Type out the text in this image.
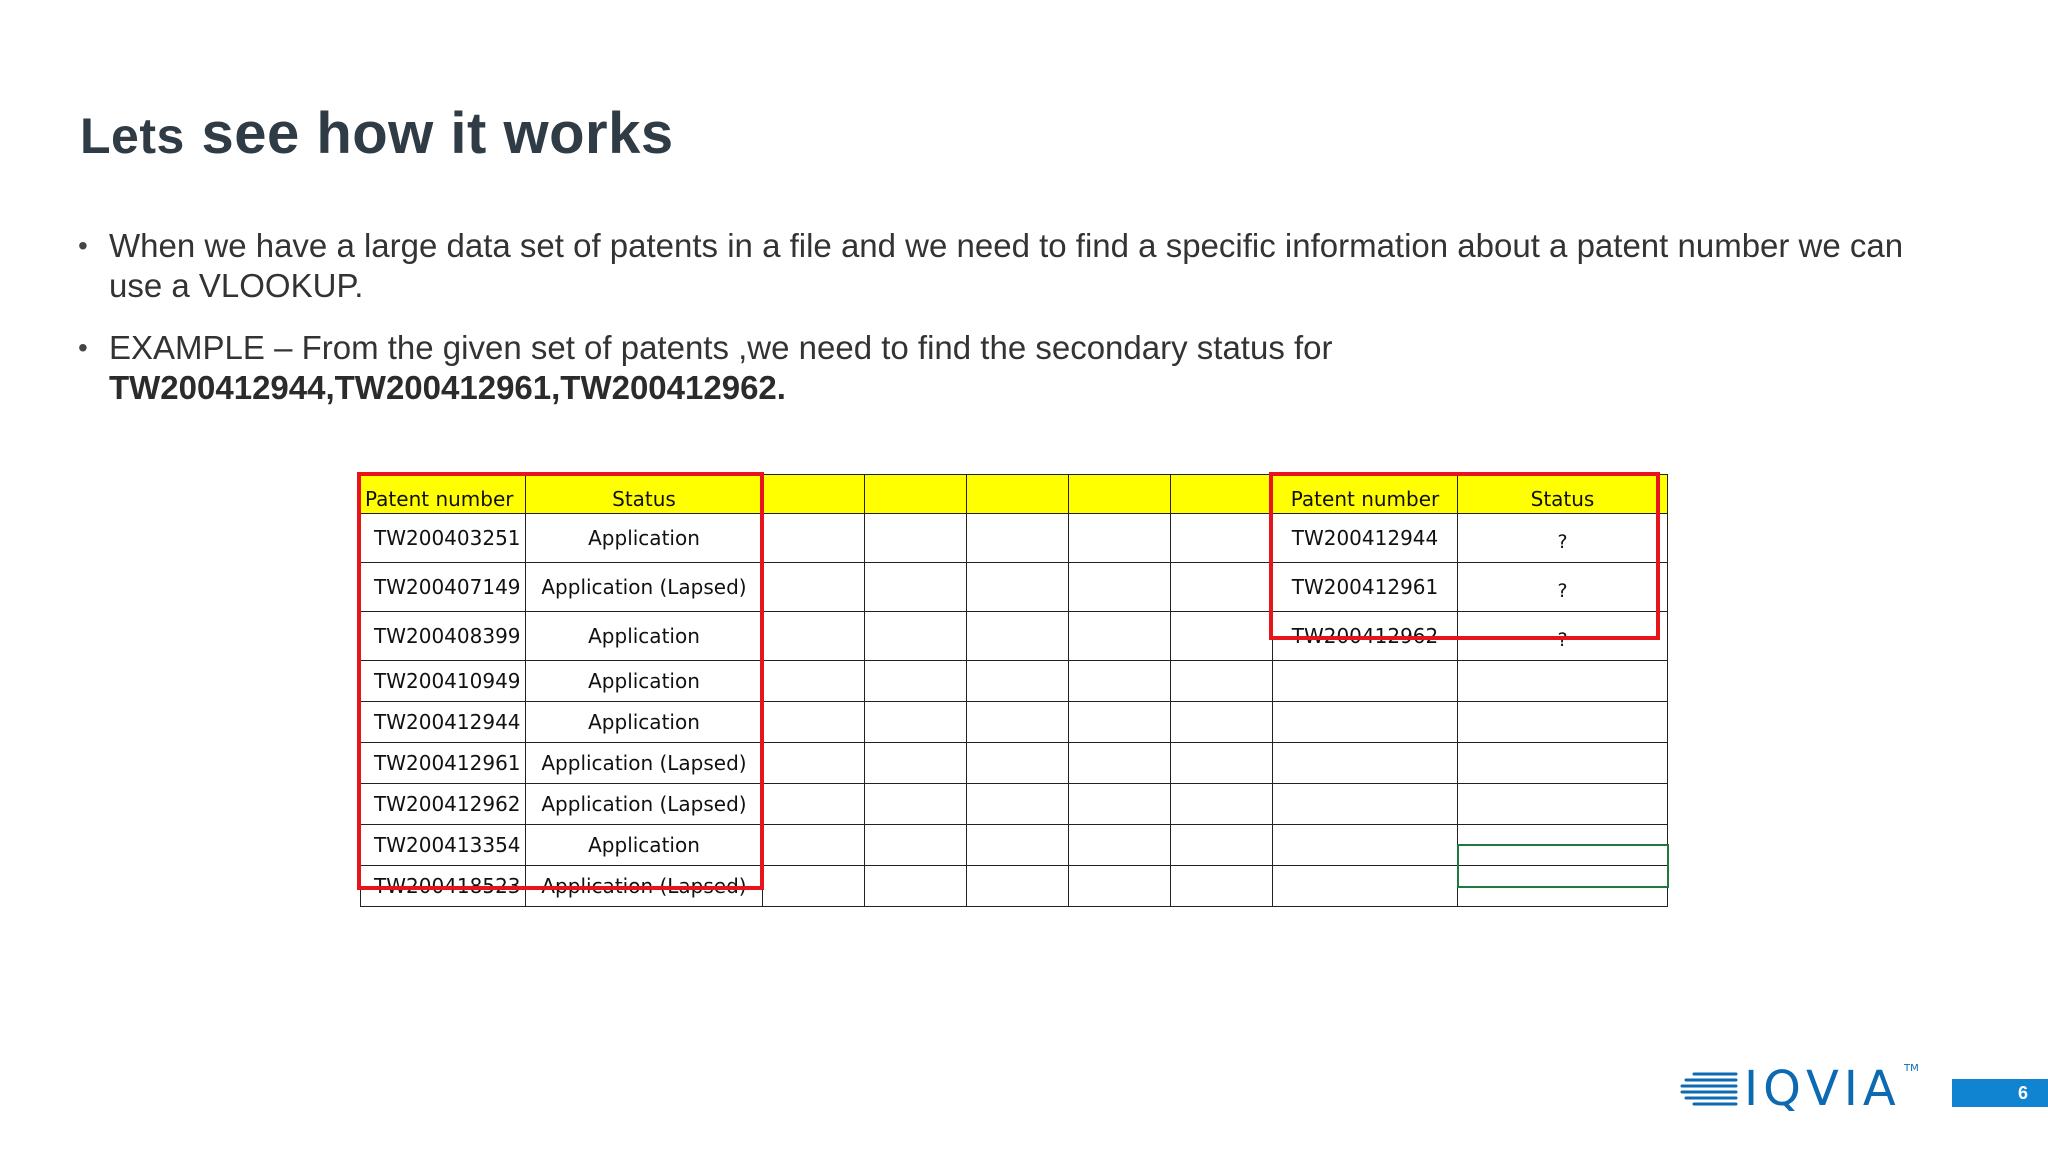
Lets see how it works
• When we have a large data set of patents in a file and we need to find a specific information about a patent number we can use a VLOOKUP.
• EXAMPLE – From the given set of patents ,we need to find the secondary status for
TW200412944,TW200412961,TW200412962.
Patent number	Status						Patent number	Status
TW200403251	Application						TW200412944	?
TW200407149	Application (Lapsed)						TW200412961	?
TW200408399	Application						TW200412962	?
TW200410949	Application							
TW200412944	Application							
TW200412961	Application (Lapsed)							
TW200412962	Application (Lapsed)							
TW200413354	Application							
TW200418523	Application (Lapsed)							
IQVIA TM
6
